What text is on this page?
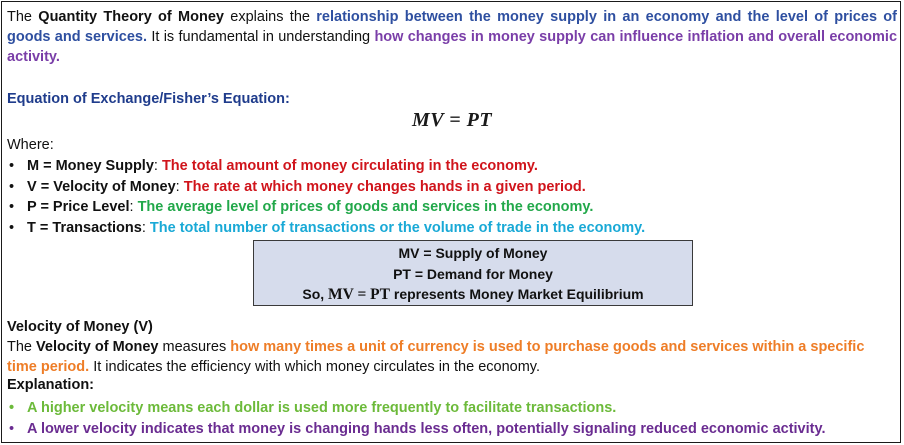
The Quantity Theory of Money explains the relationship between the money supply in an economy and the level of prices of goods and services. It is fundamental in understanding how changes in money supply can influence inflation and overall economic activity.

Equation of Exchange/Fisher’s Equation:

MV = PT

Where:

• M = Money Supply: The total amount of money circulating in the economy.
• V = Velocity of Money: The rate at which money changes hands in a given period.
• P = Price Level: The average level of prices of goods and services in the economy.
• T = Transactions: The total number of transactions or the volume of trade in the economy.
MV = Supply of Money
PT = Demand for Money
So, MV = PT represents Money Market Equilibrium

Velocity of Money (V)

The Velocity of Money measures how many times a unit of currency is used to purchase goods and services within a specific time period. It indicates the efficiency with which money circulates in the economy.

Explanation:

• A higher velocity means each dollar is used more frequently to facilitate transactions.
• A lower velocity indicates that money is changing hands less often, potentially signaling reduced economic activity.
